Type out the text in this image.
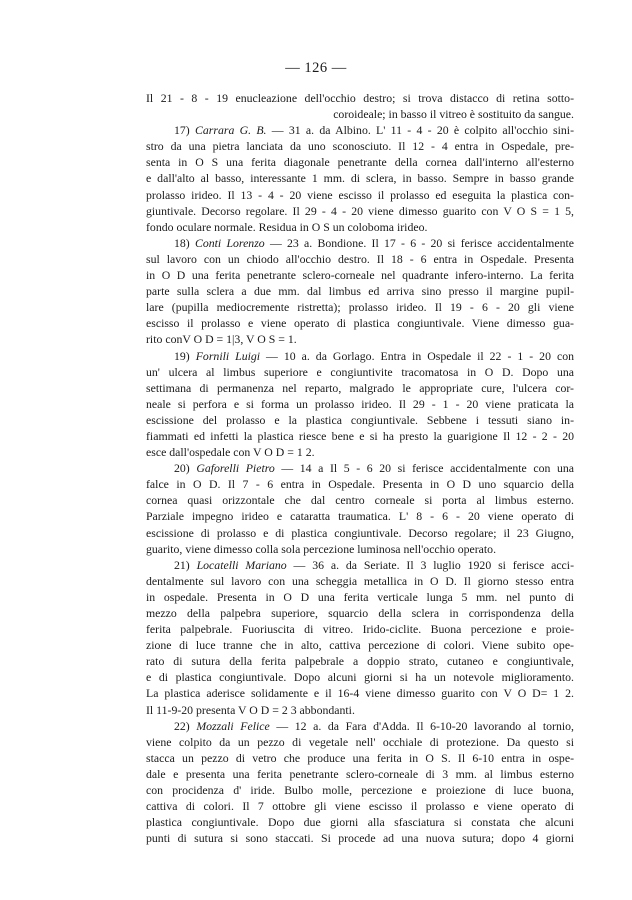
— 126 —
Il 21 - 8 - 19 enucleazione dell'occhio destro; si trova distacco di retina sotto-
coroideale; in basso il vitreo è sostituito da sangue.
17) Carrara G. B. — 31 a. da Albino. L' 11 - 4 - 20 è colpito all'occhio sini-
stro da una pietra lanciata da uno sconosciuto. Il 12 - 4 entra in Ospedale, pre-
senta in O S una ferita diagonale penetrante della cornea dall'interno all'esterno
e dall'alto al basso, interessante 1 mm. di sclera, in basso. Sempre in basso grande
prolasso irideo. Il 13 - 4 - 20 viene escisso il prolasso ed eseguita la plastica con-
giuntivale. Decorso regolare. Il 29 - 4 - 20 viene dimesso guarito con V O S = 1 5,
fondo oculare normale. Residua in O S un coloboma irideo.
18) Conti Lorenzo — 23 a. Bondione. Il 17 - 6 - 20 si ferisce accidentalmente
sul lavoro con un chiodo all'occhio destro. Il 18 - 6 entra in Ospedale. Presenta
in O D una ferita penetrante sclero-corneale nel quadrante infero-interno. La ferita
parte sulla sclera a due mm. dal limbus ed arriva sino presso il margine pupil-
lare (pupilla mediocremente ristretta); prolasso irideo. Il 19 - 6 - 20 gli viene
escisso il prolasso e viene operato di plastica congiuntivale. Viene dimesso gua-
rito conV O D = 1|3, V O S = 1.
19) Fornili Luigi — 10 a. da Gorlago. Entra in Ospedale il 22 - 1 - 20 con
un' ulcera al limbus superiore e congiuntivite tracomatosa in O D. Dopo una
settimana di permanenza nel reparto, malgrado le appropriate cure, l'ulcera cor-
neale si perfora e si forma un prolasso irideo. Il 29 - 1 - 20 viene praticata la
escissione del prolasso e la plastica congiuntivale. Sebbene i tessuti siano in-
fiammati ed infetti la plastica riesce bene e si ha presto la guarigione Il 12 - 2 - 20
esce dall'ospedale con V O D = 1 2.
20) Gaforelli Pietro — 14 a Il 5 - 6 20 si ferisce accidentalmente con una
falce in O D. Il 7 - 6 entra in Ospedale. Presenta in O D uno squarcio della
cornea quasi orizzontale che dal centro corneale si porta al limbus esterno.
Parziale impegno irideo e cataratta traumatica. L' 8 - 6 - 20 viene operato di
escissione di prolasso e di plastica congiuntivale. Decorso regolare; il 23 Giugno,
guarito, viene dimesso colla sola percezione luminosa nell'occhio operato.
21) Locatelli Mariano — 36 a. da Seriate. Il 3 luglio 1920 si ferisce acci-
dentalmente sul lavoro con una scheggia metallica in O D. Il giorno stesso entra
in ospedale. Presenta in O D una ferita verticale lunga 5 mm. nel punto di
mezzo della palpebra superiore, squarcio della sclera in corrispondenza della
ferita palpebrale. Fuoriuscita di vitreo. Irido-ciclite. Buona percezione e proie-
zione di luce tranne che in alto, cattiva percezione di colori. Viene subito ope-
rato di sutura della ferita palpebrale a doppio strato, cutaneo e congiuntivale,
e di plastica congiuntivale. Dopo alcuni giorni si ha un notevole miglioramento.
La plastica aderisce solidamente e il 16-4 viene dimesso guarito con V O D= 1 2.
Il 11-9-20 presenta V O D = 2 3 abbondanti.
22) Mozzali Felice — 12 a. da Fara d'Adda. Il 6-10-20 lavorando al tornio,
viene colpito da un pezzo di vegetale nell' occhiale di protezione. Da questo si
stacca un pezzo di vetro che produce una ferita in O S. Il 6-10 entra in ospe-
dale e presenta una ferita penetrante sclero-corneale di 3 mm. al limbus esterno
con procidenza d' iride. Bulbo molle, percezione e proiezione di luce buona,
cattiva di colori. Il 7 ottobre gli viene escisso il prolasso e viene operato di
plastica congiuntivale. Dopo due giorni alla sfasciatura si constata che alcuni
punti di sutura si sono staccati. Si procede ad una nuova sutura; dopo 4 giorni
